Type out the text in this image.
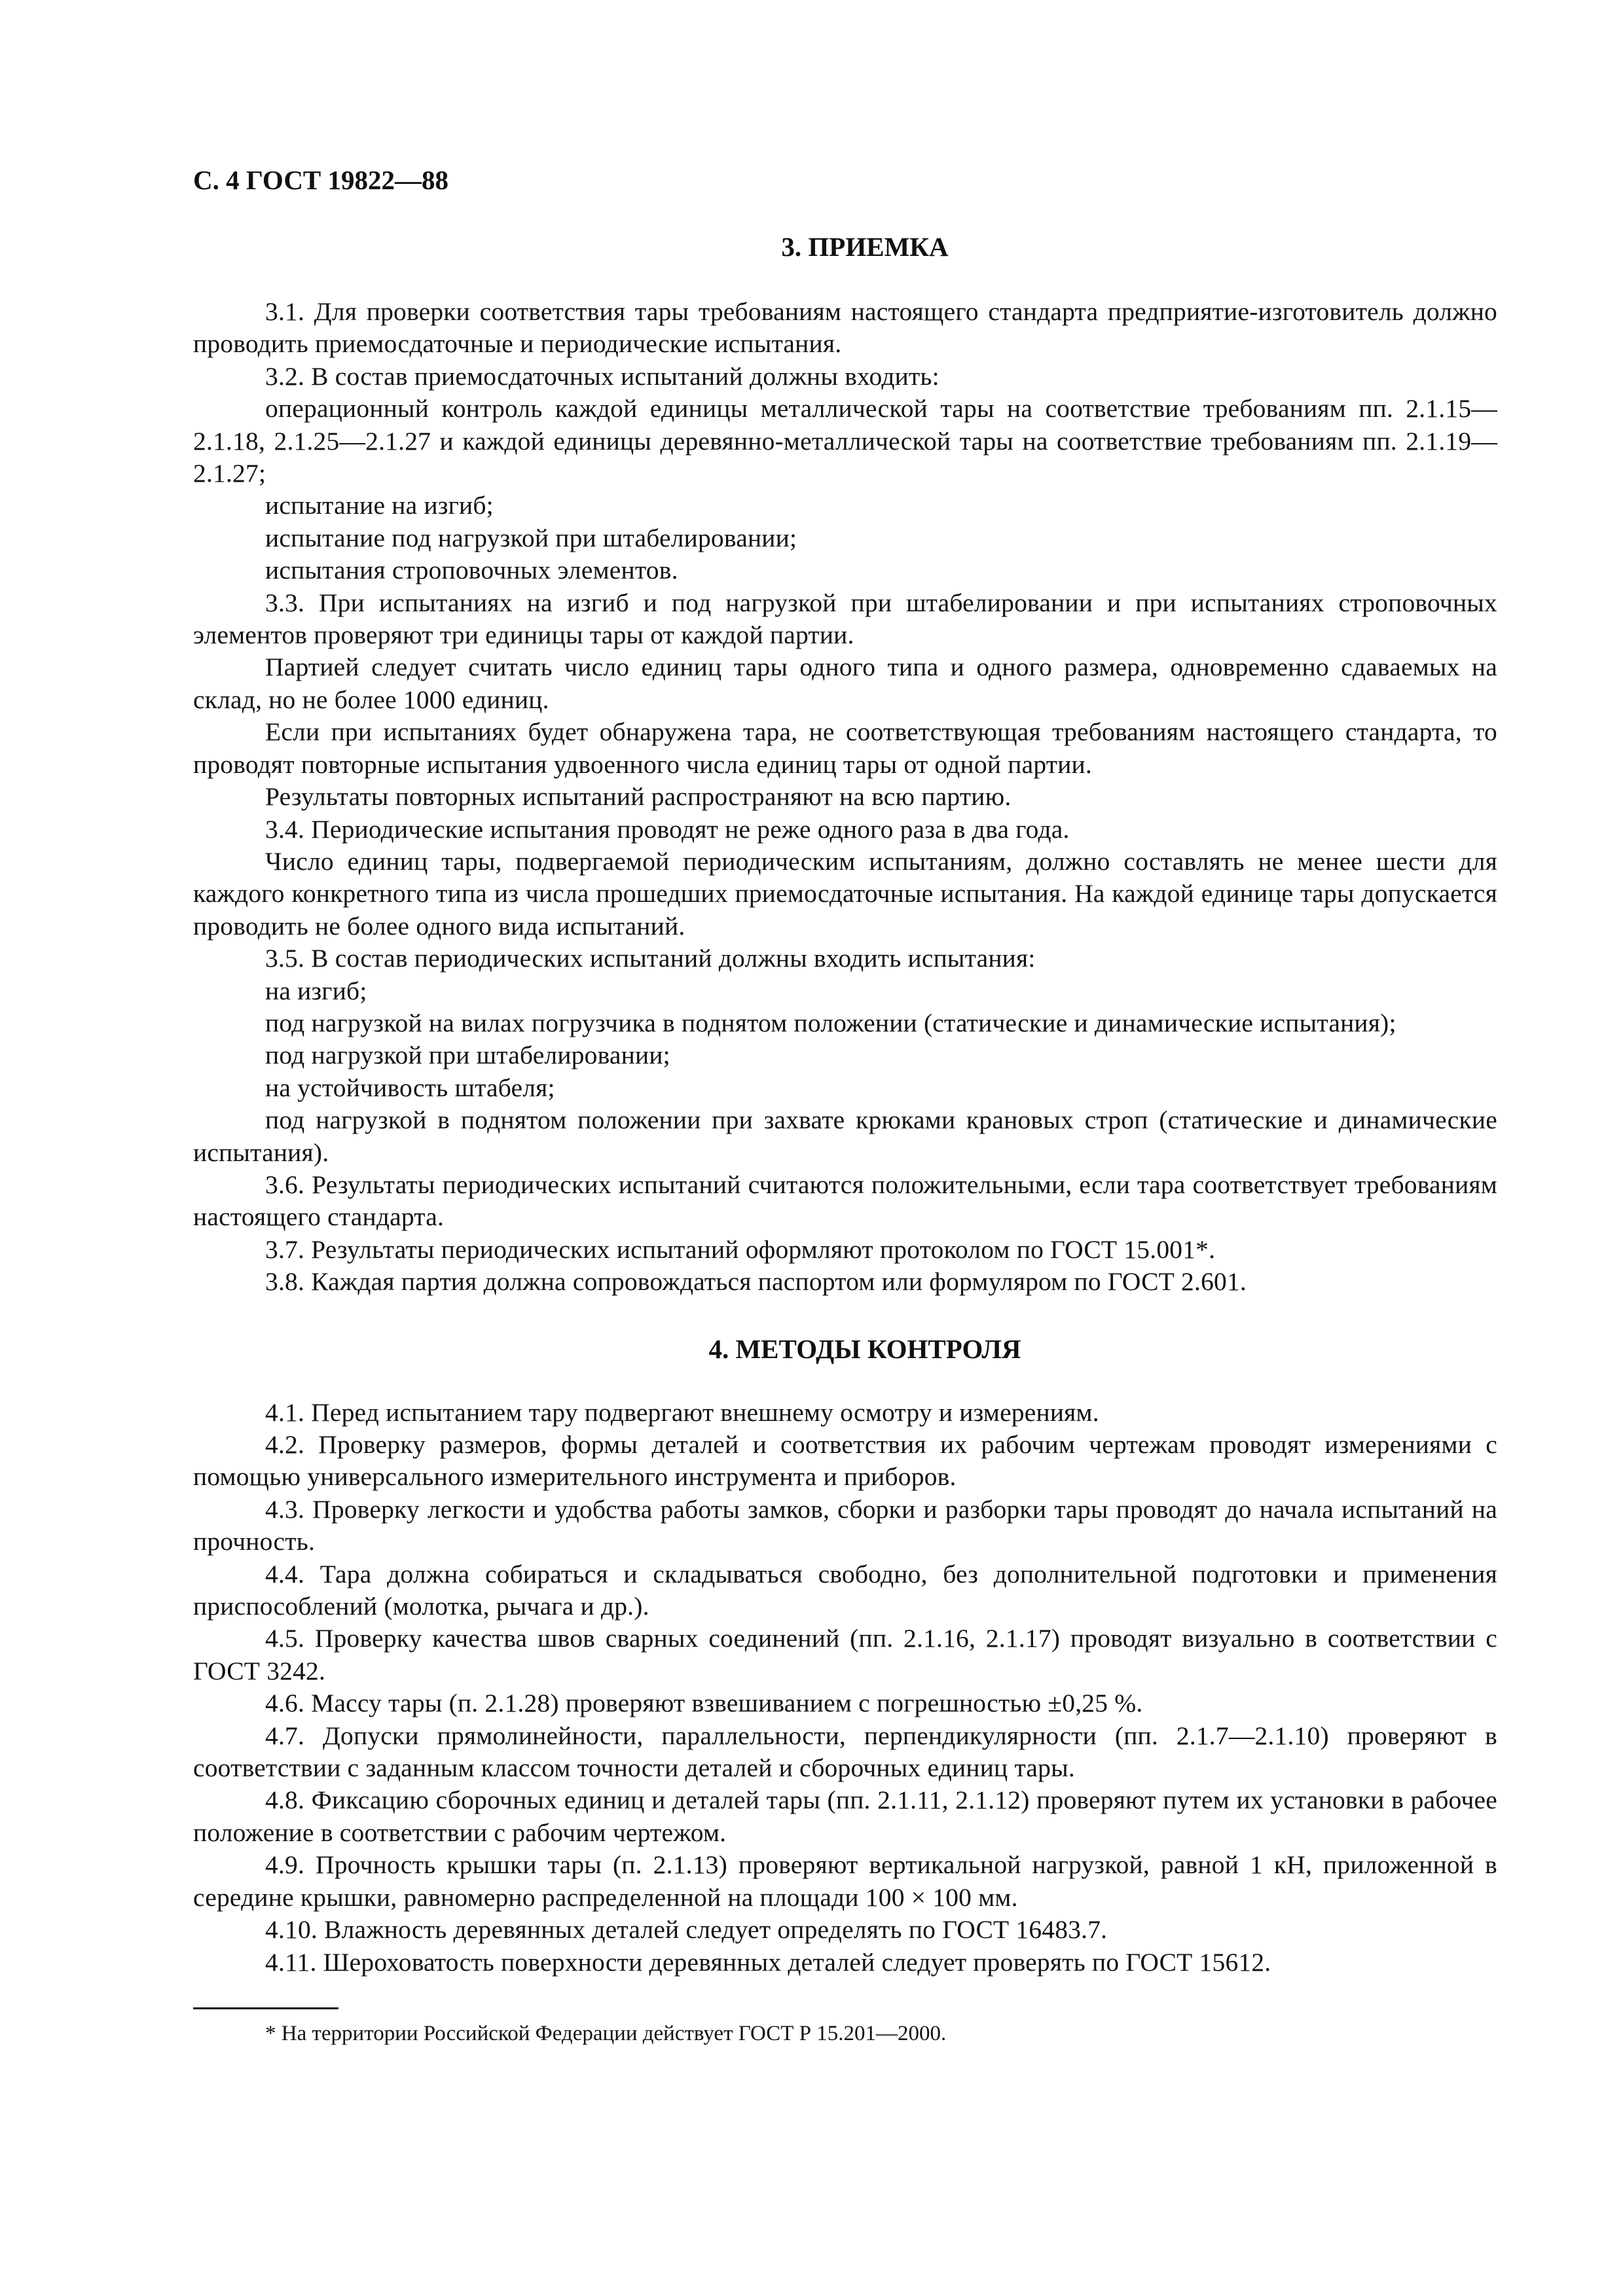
С. 4 ГОСТ 19822—88
3. ПРИЕМКА

3.1. Для проверки соответствия тары требованиям настоящего стандарта предприятие-изготовитель должно проводить приемосдаточные и периодические испытания.

3.2. В состав приемосдаточных испытаний должны входить:

операционный контроль каждой единицы металлической тары на соответствие требованиям пп. 2.1.15—2.1.18, 2.1.25—2.1.27 и каждой единицы деревянно-металлической тары на соответствие требованиям пп. 2.1.19—2.1.27;

испытание на изгиб;

испытание под нагрузкой при штабелировании;

испытания строповочных элементов.

3.3. При испытаниях на изгиб и под нагрузкой при штабелировании и при испытаниях строповочных элементов проверяют три единицы тары от каждой партии.

Партией следует считать число единиц тары одного типа и одного размера, одновременно сдаваемых на склад, но не более 1000 единиц.

Если при испытаниях будет обнаружена тара, не соответствующая требованиям настоящего стандарта, то проводят повторные испытания удвоенного числа единиц тары от одной партии.

Результаты повторных испытаний распространяют на всю партию.

3.4. Периодические испытания проводят не реже одного раза в два года.

Число единиц тары, подвергаемой периодическим испытаниям, должно составлять не менее шести для каждого конкретного типа из числа прошедших приемосдаточные испытания. На каждой единице тары допускается проводить не более одного вида испытаний.

3.5. В состав периодических испытаний должны входить испытания:

на изгиб;

под нагрузкой на вилах погрузчика в поднятом положении (статические и динамические испытания);

под нагрузкой при штабелировании;

на устойчивость штабеля;

под нагрузкой в поднятом положении при захвате крюками крановых строп (статические и динамические испытания).

3.6. Результаты периодических испытаний считаются положительными, если тара соответствует требованиям настоящего стандарта.

3.7. Результаты периодических испытаний оформляют протоколом по ГОСТ 15.001*.

3.8. Каждая партия должна сопровождаться паспортом или формуляром по ГОСТ 2.601.

4. МЕТОДЫ КОНТРОЛЯ

4.1. Перед испытанием тару подвергают внешнему осмотру и измерениям.

4.2. Проверку размеров, формы деталей и соответствия их рабочим чертежам проводят измерениями с помощью универсального измерительного инструмента и приборов.

4.3. Проверку легкости и удобства работы замков, сборки и разборки тары проводят до начала испытаний на прочность.

4.4. Тара должна собираться и складываться свободно, без дополнительной подготовки и применения приспособлений (молотка, рычага и др.).

4.5. Проверку качества швов сварных соединений (пп. 2.1.16, 2.1.17) проводят визуально в соответствии с ГОСТ 3242.

4.6. Массу тары (п. 2.1.28) проверяют взвешиванием с погрешностью ±0,25 %.

4.7. Допуски прямолинейности, параллельности, перпендикулярности (пп. 2.1.7—2.1.10) проверяют в соответствии с заданным классом точности деталей и сборочных единиц тары.

4.8. Фиксацию сборочных единиц и деталей тары (пп. 2.1.11, 2.1.12) проверяют путем их установки в рабочее положение в соответствии с рабочим чертежом.

4.9. Прочность крышки тары (п. 2.1.13) проверяют вертикальной нагрузкой, равной 1 кН, приложенной в середине крышки, равномерно распределенной на площади 100 × 100 мм.

4.10. Влажность деревянных деталей следует определять по ГОСТ 16483.7.

4.11. Шероховатость поверхности деревянных деталей следует проверять по ГОСТ 15612.

* На территории Российской Федерации действует ГОСТ Р 15.201—2000.
